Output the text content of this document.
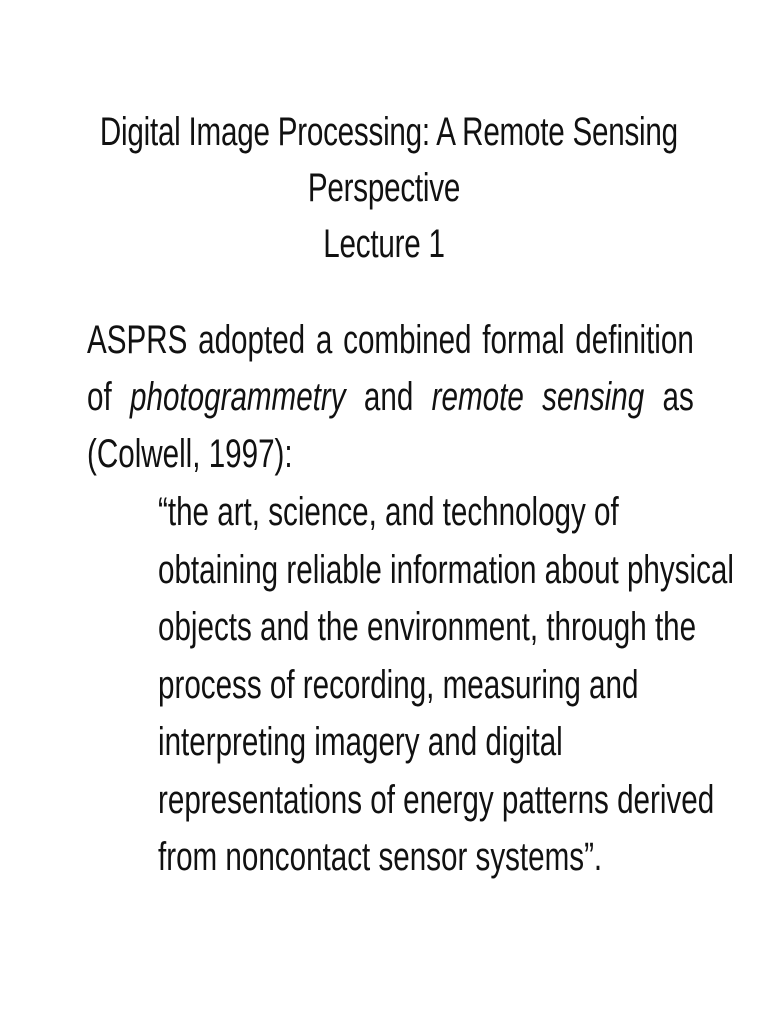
Digital Image Processing: A Remote Sensing
Perspective
Lecture 1
ASPRS adopted a combined formal definition of photogrammetry and remote sensing as (Colwell, 1997):
“the art, science, and technology of
obtaining reliable information about physical
objects and the environment, through the
process of recording, measuring and
interpreting imagery and digital
representations of energy patterns derived
from noncontact sensor systems”.
